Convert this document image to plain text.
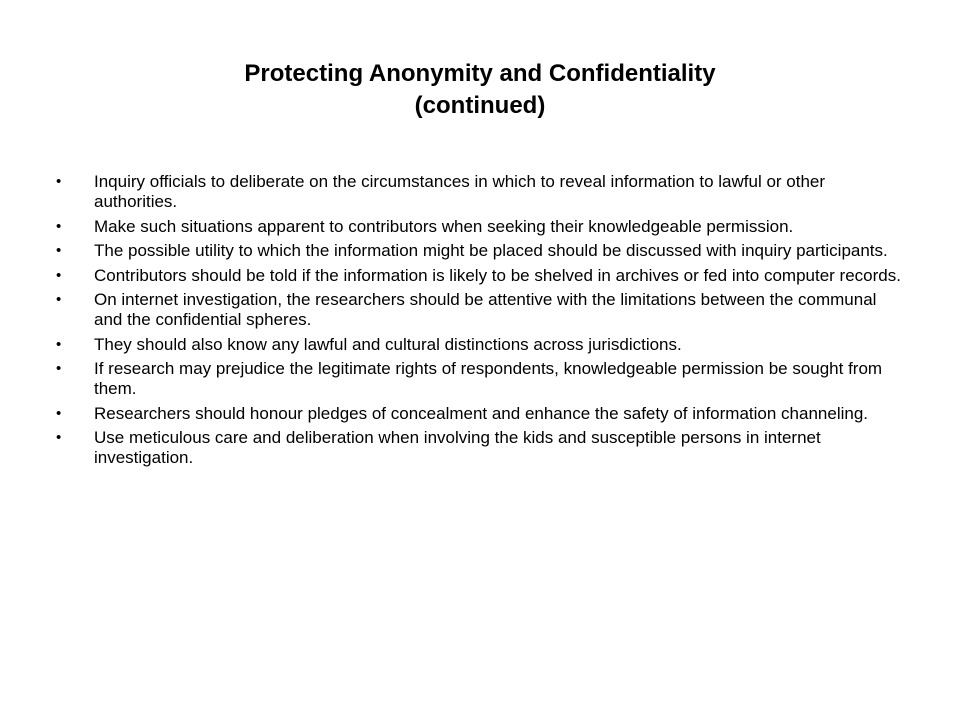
Protecting Anonymity and Confidentiality
(continued)
•	Inquiry officials to deliberate on the circumstances in which to reveal information to lawful or other authorities.
•	Make such situations apparent to contributors when seeking their knowledgeable permission.
•	The possible utility to which the information might be placed should be discussed with inquiry participants.
•	Contributors should be told if the information is likely to be shelved in archives or fed into computer records.
•	On internet investigation, the researchers should be attentive with the limitations between the communal and the confidential spheres.
•	They should also know any lawful and cultural distinctions across jurisdictions.
•	If research may prejudice the legitimate rights of respondents, knowledgeable permission be sought from them.
•	Researchers should honour pledges of concealment and enhance the safety of information channeling.
•	Use meticulous care and deliberation when involving the kids and susceptible persons in internet investigation.
